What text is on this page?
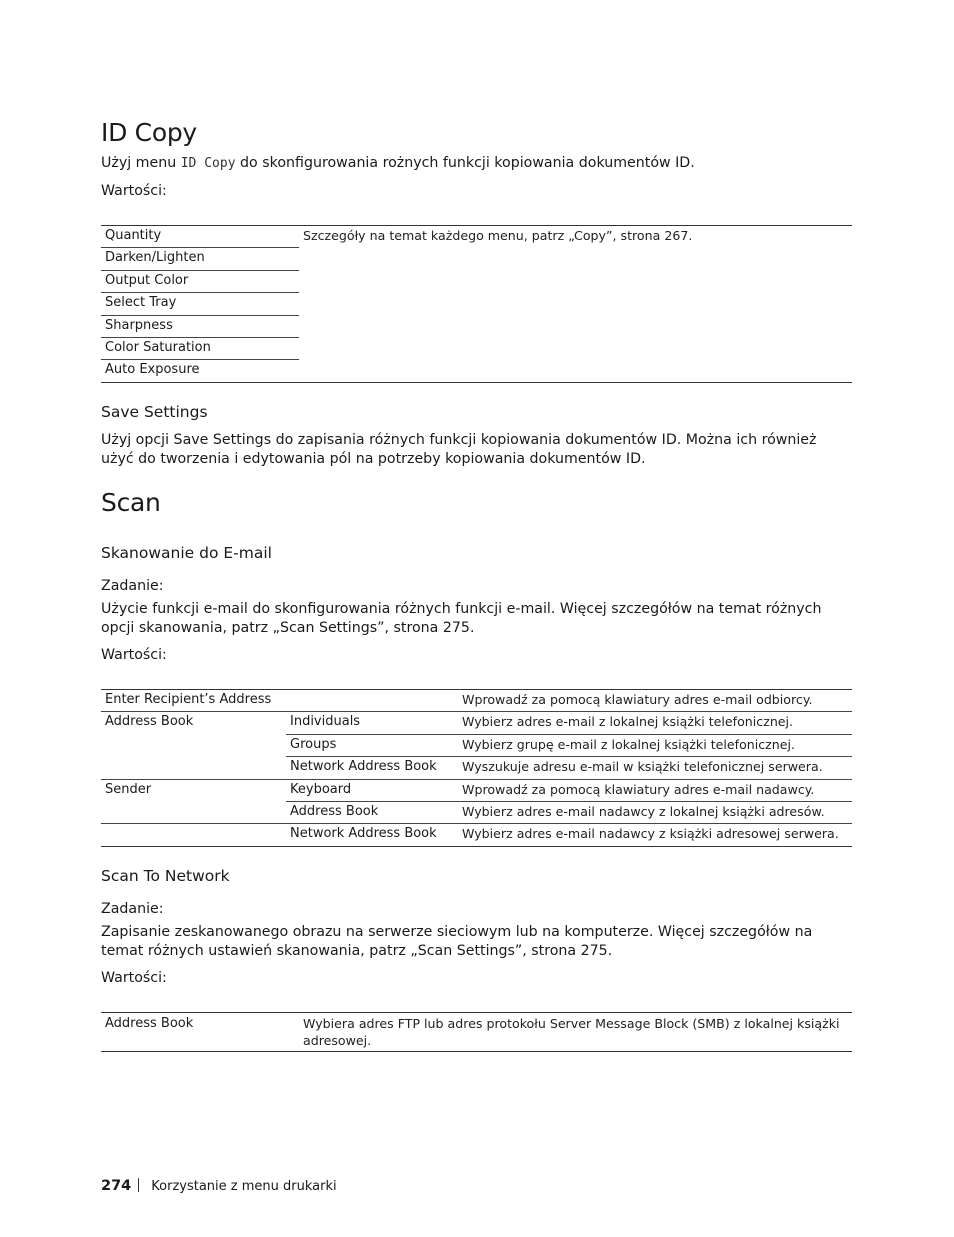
ID Copy
Użyj menu ID Copy do skonfigurowania rożnych funkcji kopiowania dokumentów ID.
Wartości:
Quantity	Szczegóły na temat każdego menu, patrz „Copy”, strona 267.
Darken/Lighten
Output Color
Select Tray
Sharpness
Color Saturation
Auto Exposure
Save Settings
Użyj opcji Save Settings do zapisania różnych funkcji kopiowania dokumentów ID. Można ich również użyć do tworzenia i edytowania pól na potrzeby kopiowania dokumentów ID.
Scan
Skanowanie do E-mail
Zadanie:
Użycie funkcji e-mail do skonfigurowania różnych funkcji e-mail. Więcej szczegółów na temat różnych opcji skanowania, patrz „Scan Settings”, strona 275.
Wartości:
Enter Recipient’s Address		Wprowadź za pomocą klawiatury adres e-mail odbiorcy.
Address Book	Individuals	Wybierz adres e-mail z lokalnej książki telefonicznej.
	Groups	Wybierz grupę e-mail z lokalnej książki telefonicznej.
	Network Address Book	Wyszukuje adresu e-mail w książki telefonicznej serwera.
Sender	Keyboard	Wprowadź za pomocą klawiatury adres e-mail nadawcy.
	Address Book	Wybierz adres e-mail nadawcy z lokalnej książki adresów.
	Network Address Book	Wybierz adres e-mail nadawcy z książki adresowej serwera.
Scan To Network
Zadanie:
Zapisanie zeskanowanego obrazu na serwerze sieciowym lub na komputerze. Więcej szczegółów na temat różnych ustawień skanowania, patrz „Scan Settings”, strona 275.
Wartości:
Address Book	Wybiera adres FTP lub adres protokołu Server Message Block (SMB) z lokalnej książki adresowej.
274 Korzystanie z menu drukarki
